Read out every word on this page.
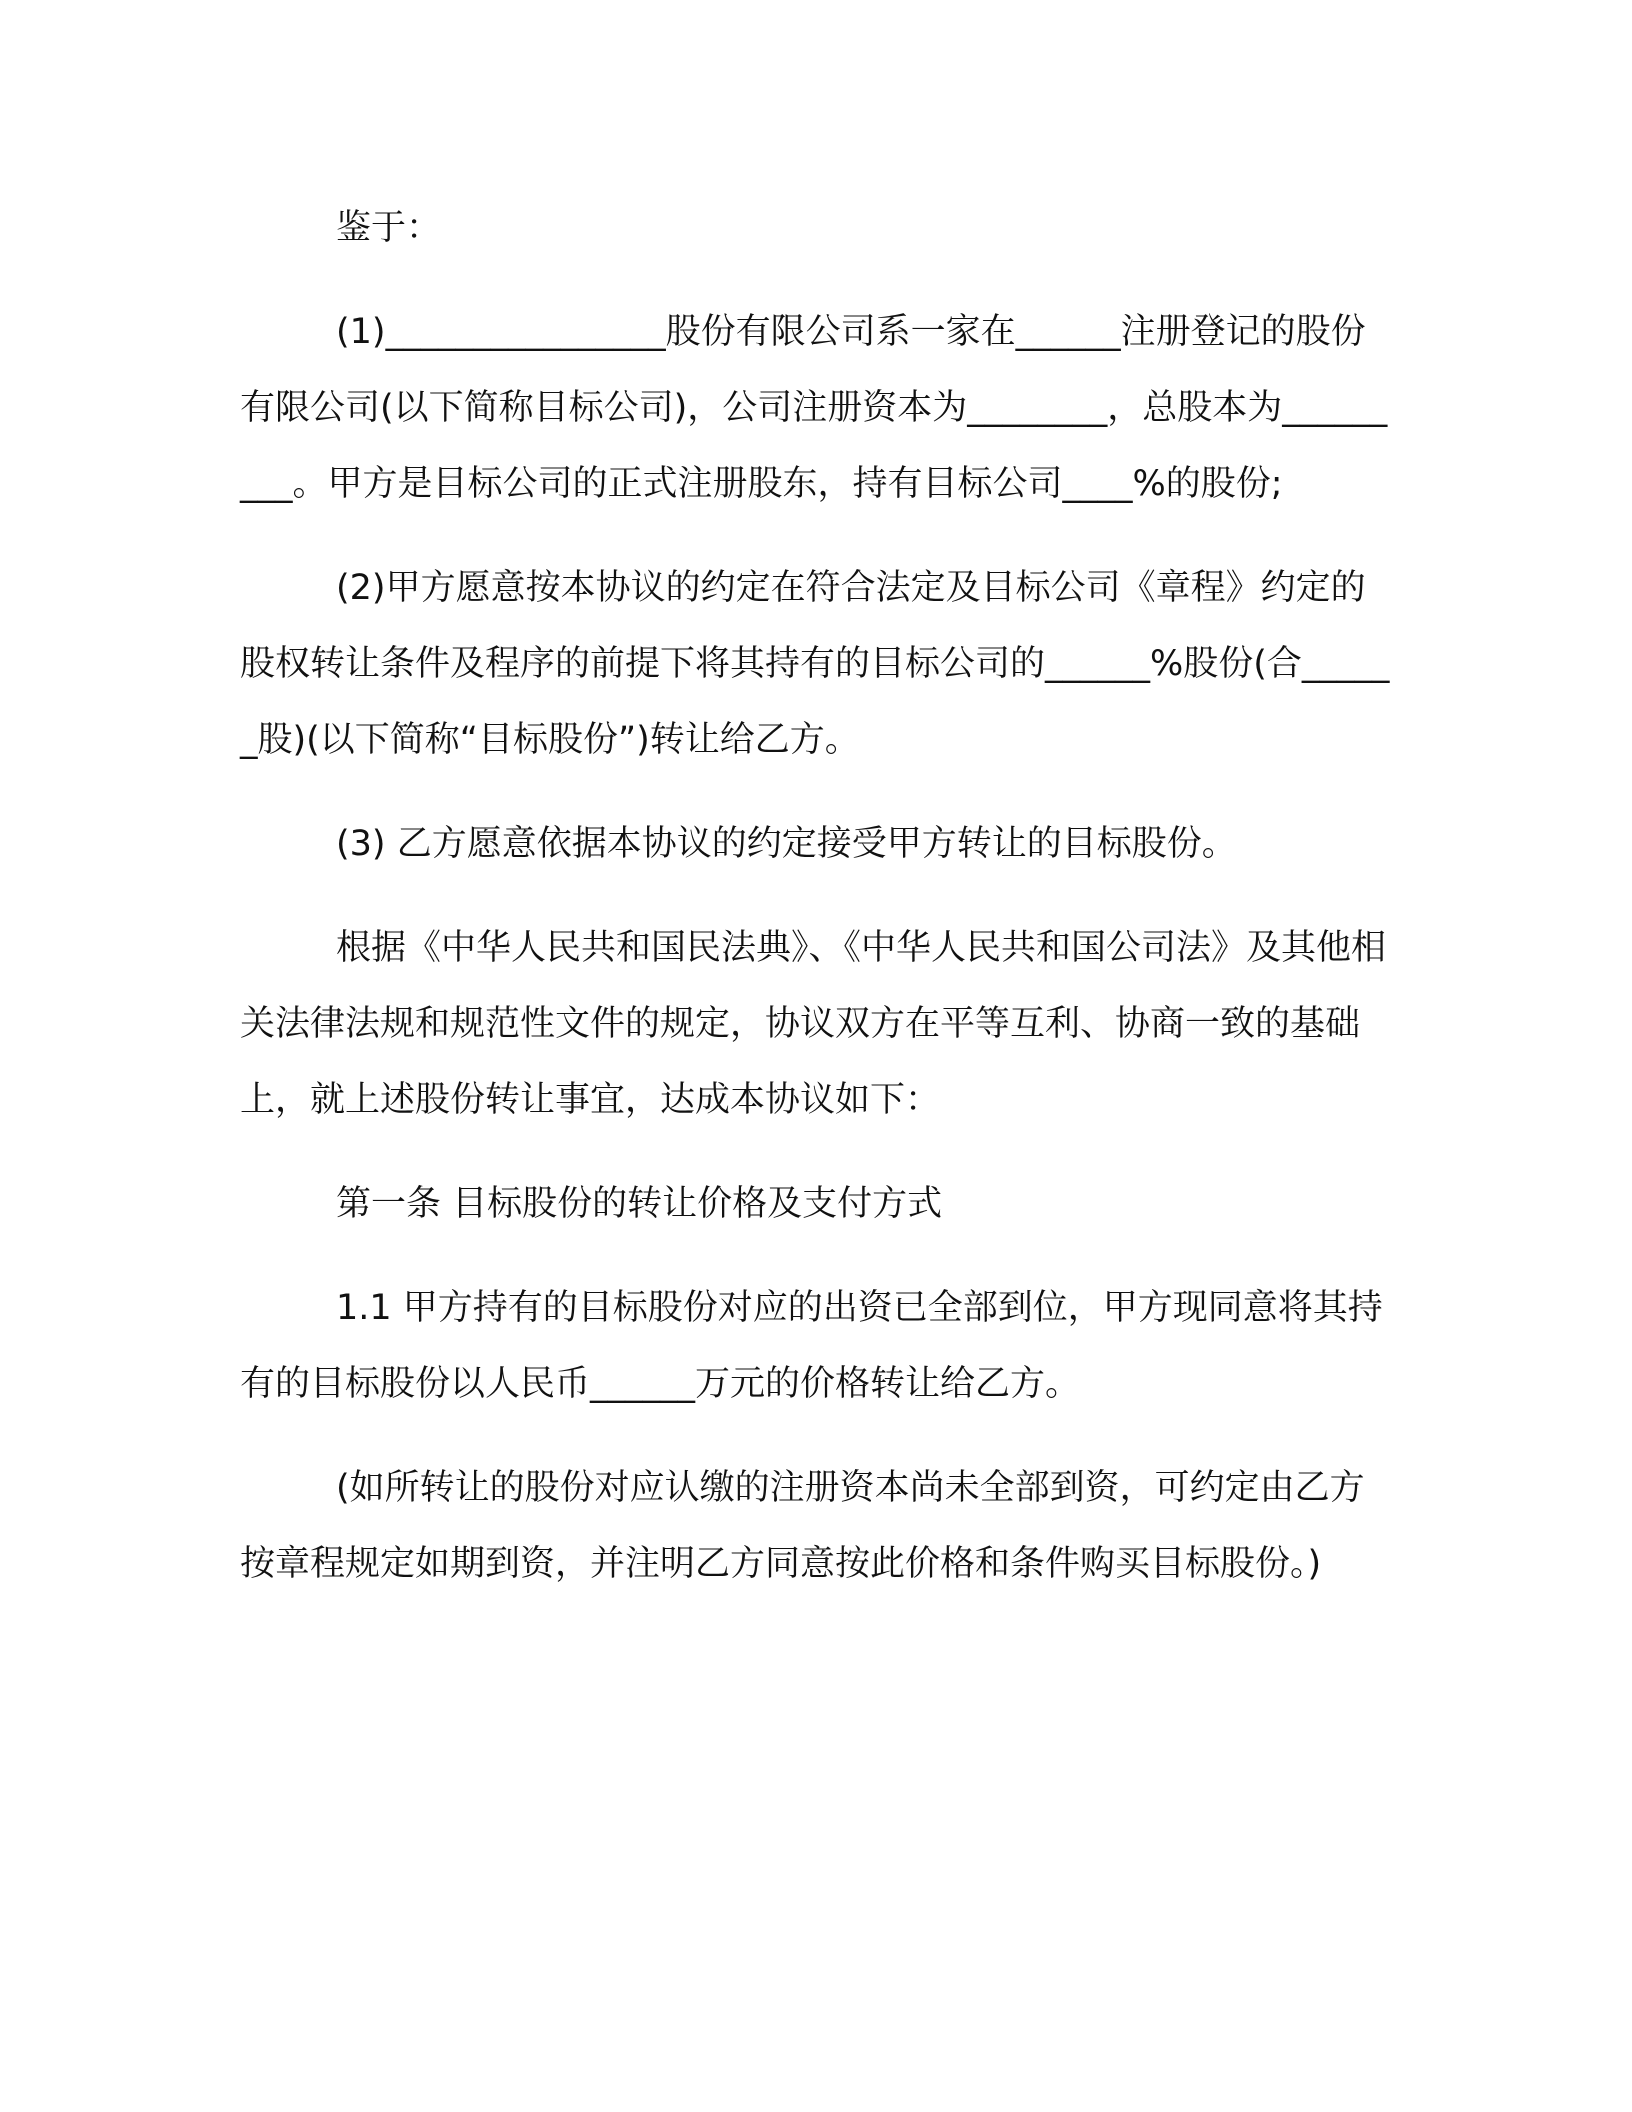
鉴于：

(1)________________股份有限公司系一家在______注册登记的股份有限公司(以下简称目标公司)，公司注册资本为________，总股本为_________。甲方是目标公司的正式注册股东，持有目标公司____%的股份;

(2)甲方愿意按本协议的约定在符合法定及目标公司《章程》约定的股权转让条件及程序的前提下将其持有的目标公司的______%股份(合______股)(以下简称“目标股份”)转让给乙方。

(3) 乙方愿意依据本协议的约定接受甲方转让的目标股份。

根据《中华人民共和国民法典》、《中华人民共和国公司法》及其他相关法律法规和规范性文件的规定，协议双方在平等互利、协商一致的基础上，就上述股份转让事宜，达成本协议如下：

第一条 目标股份的转让价格及支付方式

1.1 甲方持有的目标股份对应的出资已全部到位，甲方现同意将其持有的目标股份以人民币______万元的价格转让给乙方。

(如所转让的股份对应认缴的注册资本尚未全部到资，可约定由乙方按章程规定如期到资，并注明乙方同意按此价格和条件购买目标股份。)
